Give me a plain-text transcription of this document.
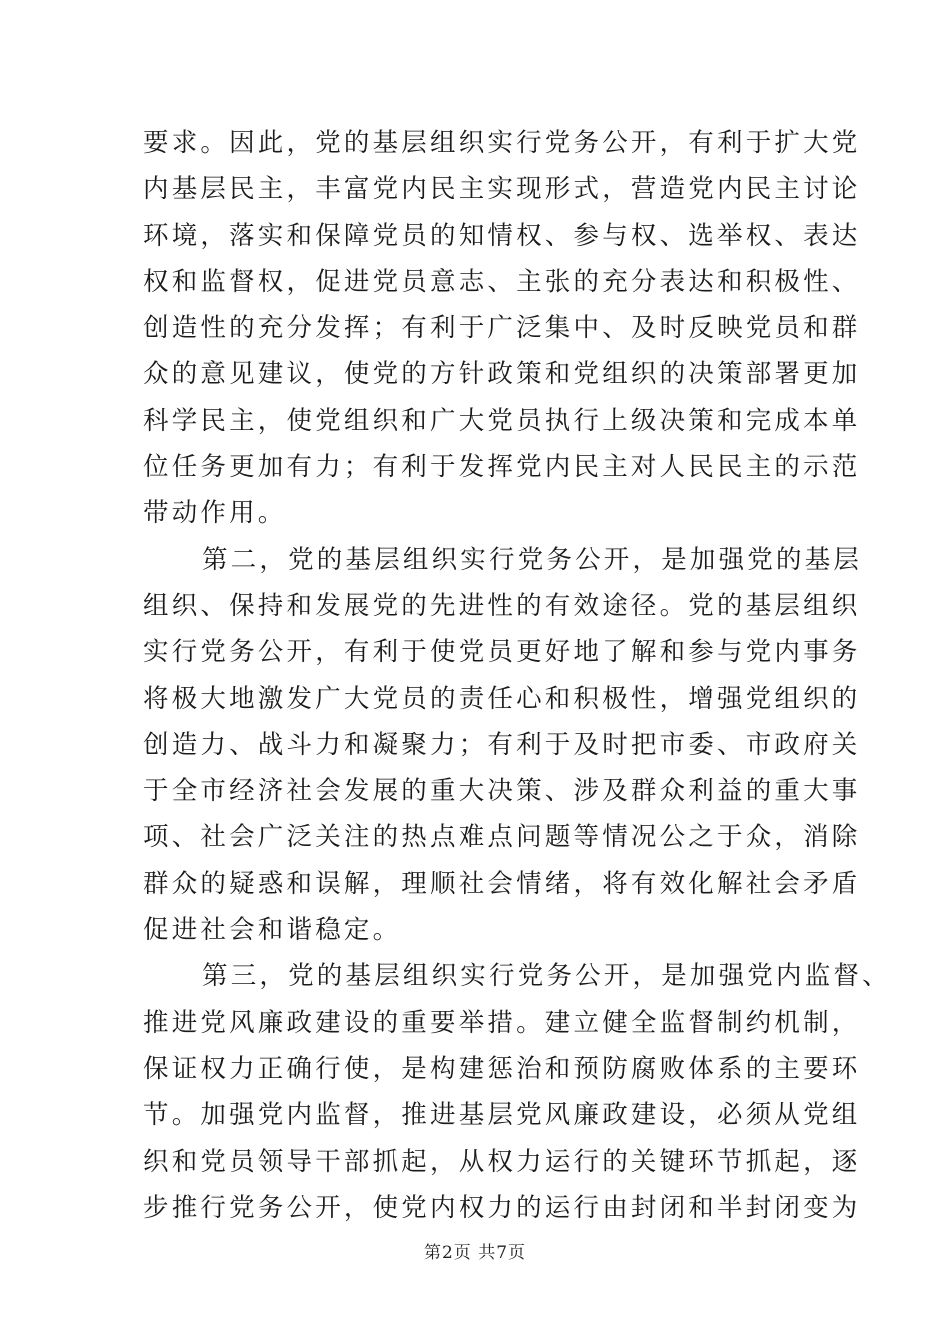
要求。因此，党的基层组织实行党务公开，有利于扩大党
内基层民主，丰富党内民主实现形式，营造党内民主讨论
环境，落实和保障党员的知情权、参与权、选举权、表达
权和监督权，促进党员意志、主张的充分表达和积极性、
创造性的充分发挥；有利于广泛集中、及时反映党员和群
众的意见建议，使党的方针政策和党组织的决策部署更加
科学民主，使党组织和广大党员执行上级决策和完成本单
位任务更加有力；有利于发挥党内民主对人民民主的示范
带动作用。
第二，党的基层组织实行党务公开，是加强党的基层
组织、保持和发展党的先进性的有效途径。党的基层组织
实行党务公开，有利于使党员更好地了解和参与党内事务
将极大地激发广大党员的责任心和积极性，增强党组织的
创造力、战斗力和凝聚力；有利于及时把市委、市政府关
于全市经济社会发展的重大决策、涉及群众利益的重大事
项、社会广泛关注的热点难点问题等情况公之于众，消除
群众的疑惑和误解，理顺社会情绪，将有效化解社会矛盾
促进社会和谐稳定。
第三，党的基层组织实行党务公开，是加强党内监督、
推进党风廉政建设的重要举措。建立健全监督制约机制，
保证权力正确行使，是构建惩治和预防腐败体系的主要环
节。加强党内监督，推进基层党风廉政建设，必须从党组
织和党员领导干部抓起，从权力运行的关键环节抓起，逐
步推行党务公开，使党内权力的运行由封闭和半封闭变为
第2页 共7页
